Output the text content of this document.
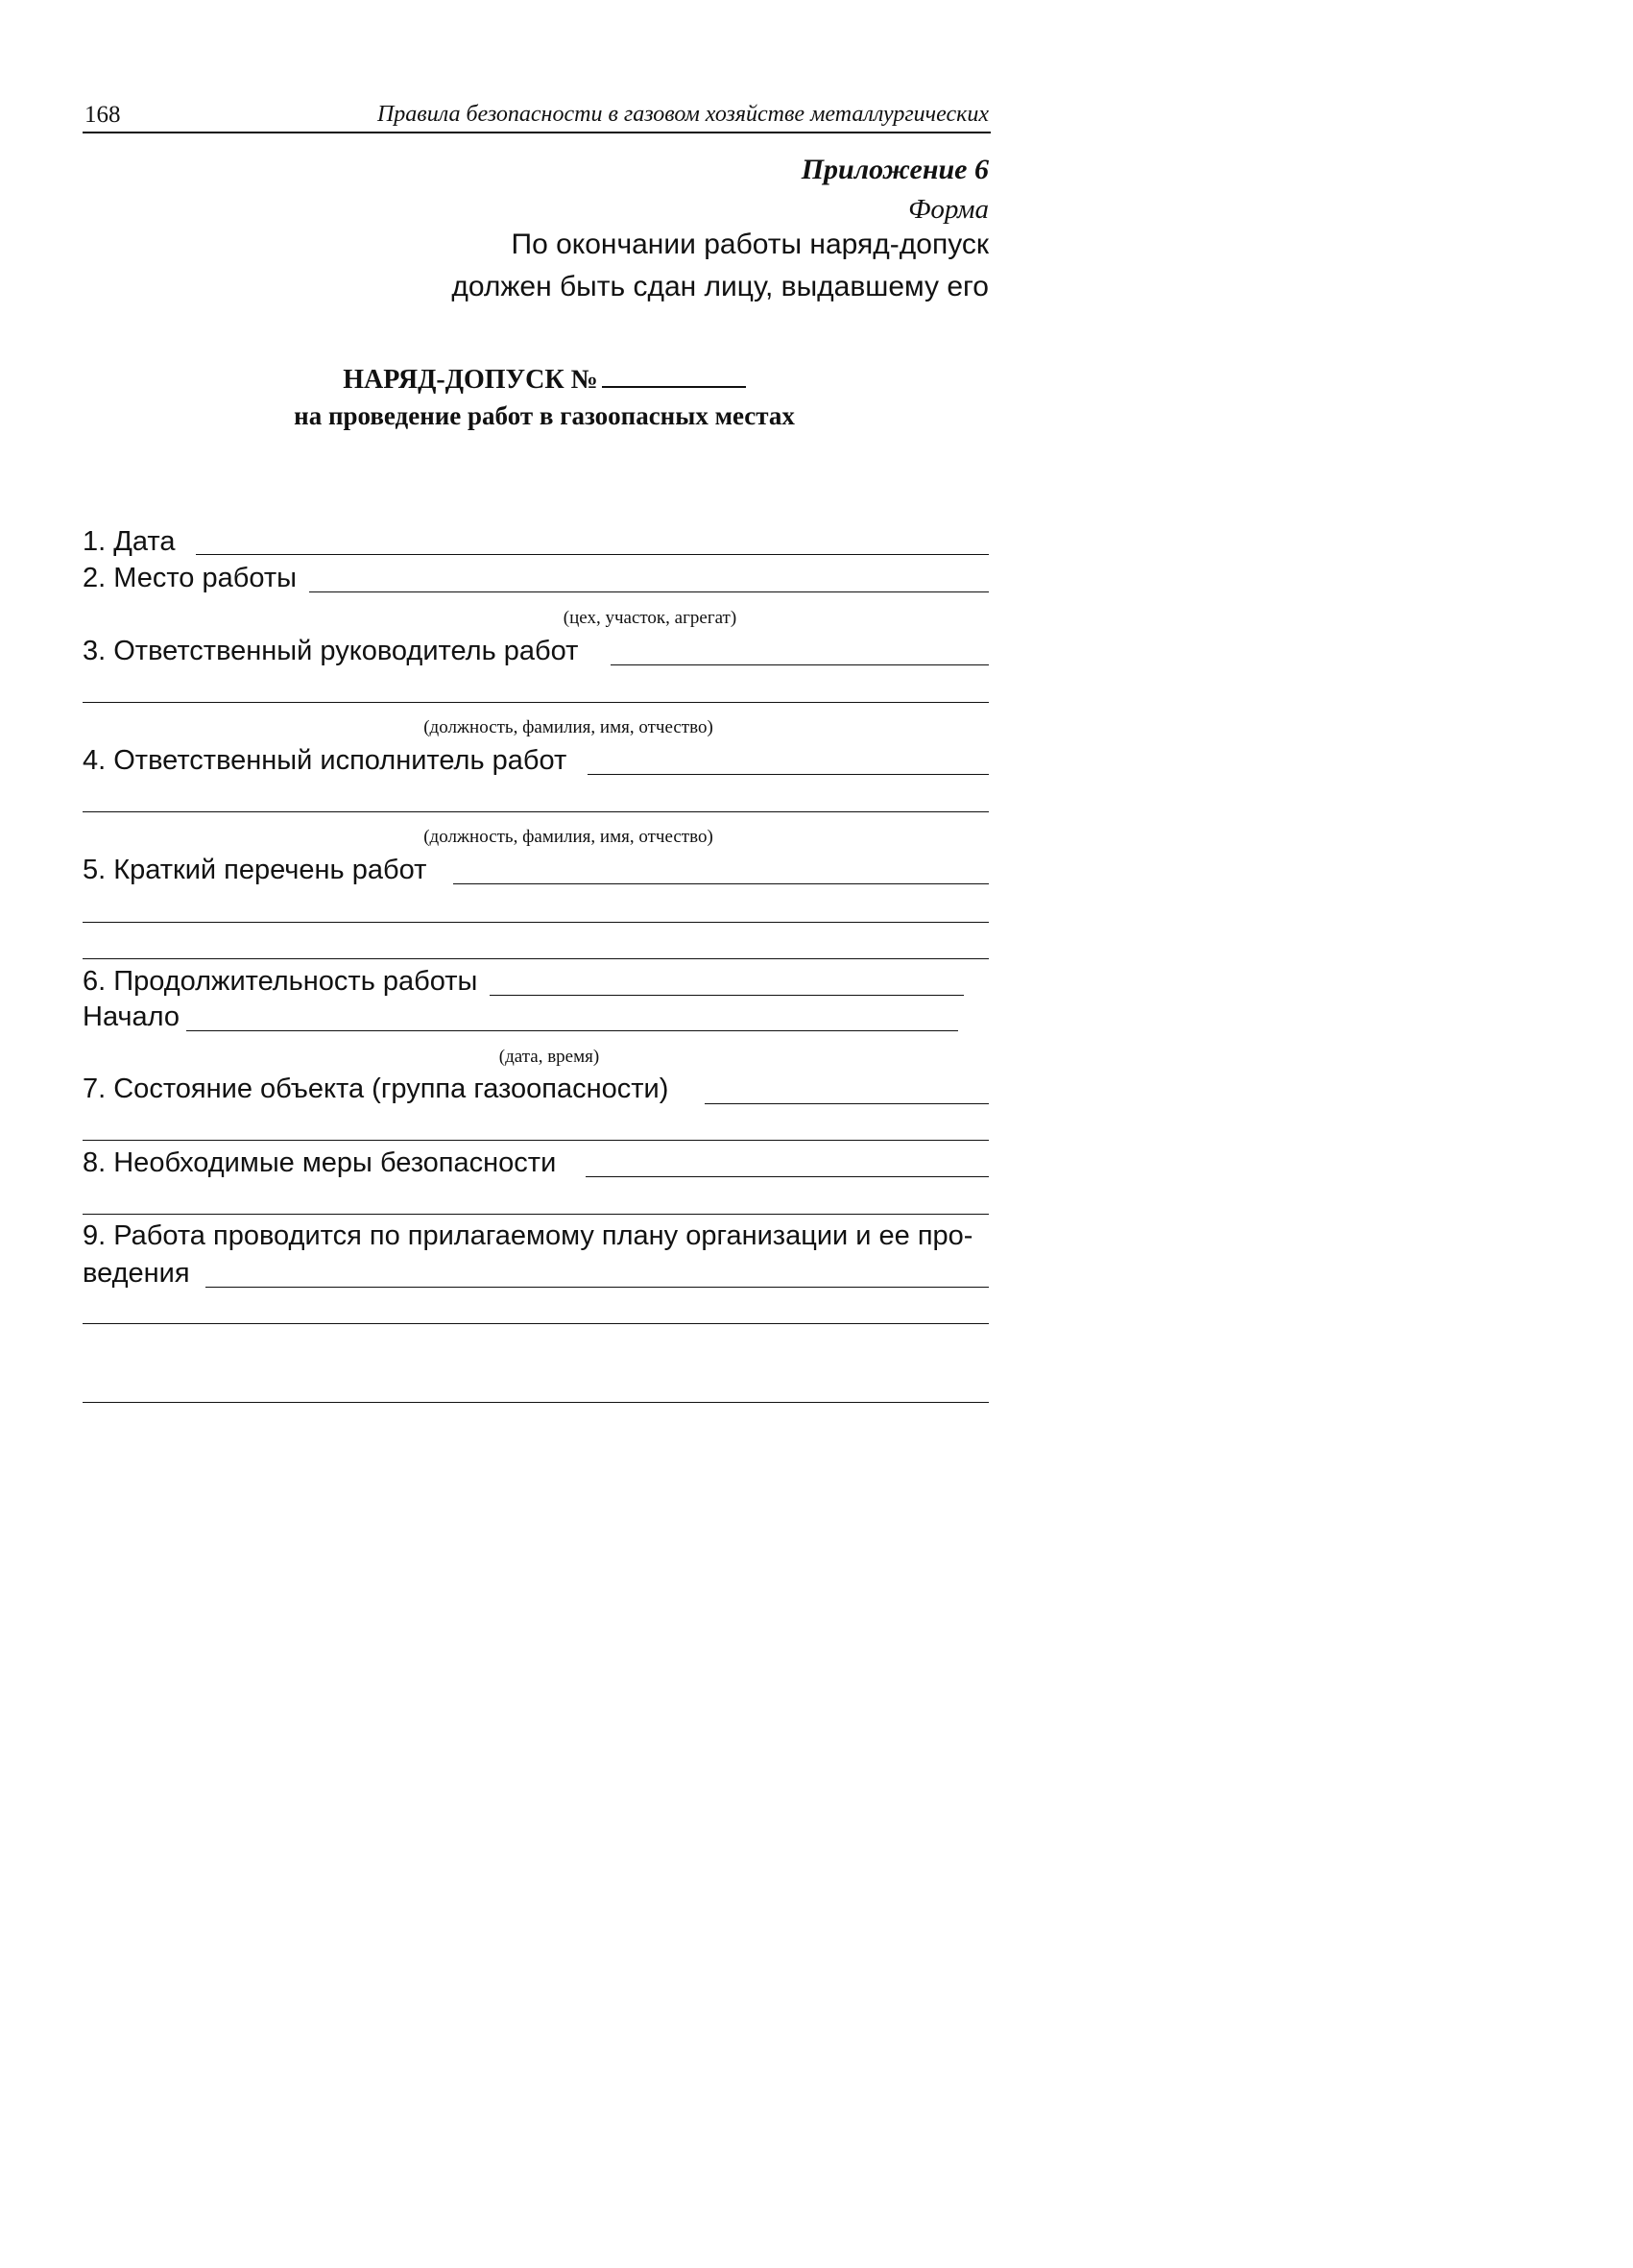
168	Правила безопасности в газовом хозяйстве металлургических
Приложение 6
Форма
По окончании работы наряд-допуск
должен быть сдан лицу, выдавшему его
НАРЯД-ДОПУСК №
на проведение работ в газоопасных местах
1. Дата
2. Место работы
(цех, участок, агрегат)
3. Ответственный руководитель работ
(должность, фамилия, имя, отчество)
4. Ответственный исполнитель работ
(должность, фамилия, имя, отчество)
5. Краткий перечень работ
6. Продолжительность работы
Начало
(дата, время)
7. Состояние объекта (группа газоопасности)
8. Необходимые меры безопасности
9. Работа проводится по прилагаемому плану организации и ее про-
ведения
